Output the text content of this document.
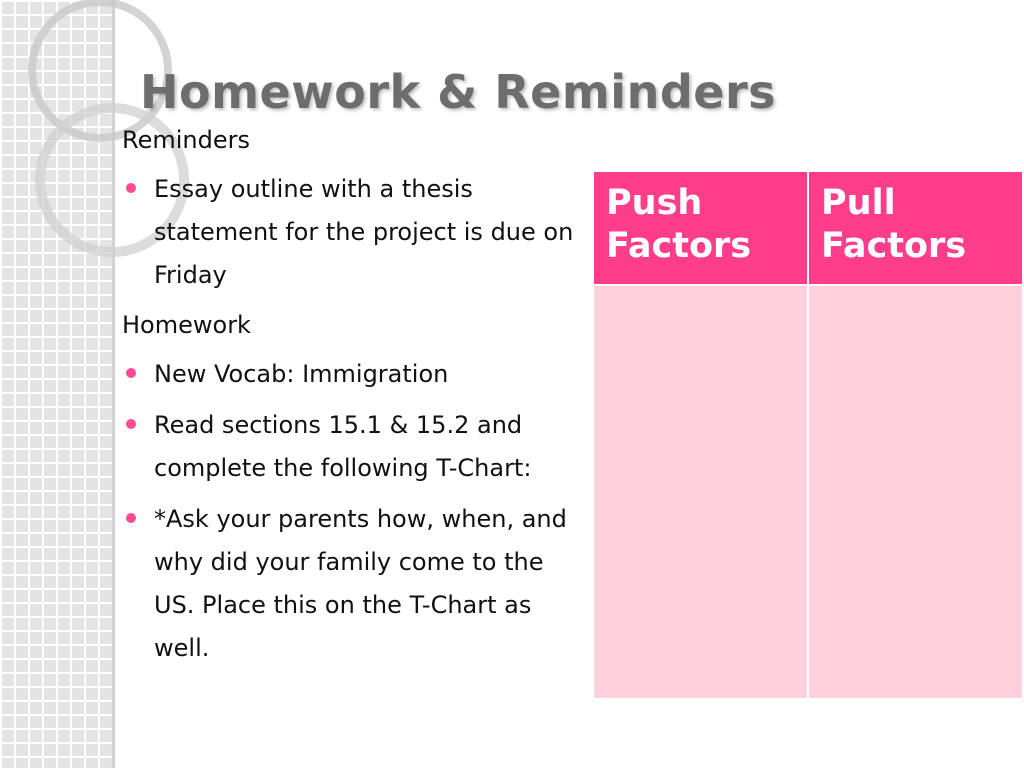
Homework & Reminders
Reminders
Essay outline with a thesis statement for the project is due on Friday
Homework
New Vocab: Immigration
Read sections 15.1 & 15.2 and complete the following T-Chart:
*Ask your parents how, when, and why did your family come to the US. Place this on the T-Chart as well.
Push Factors	Pull Factors
